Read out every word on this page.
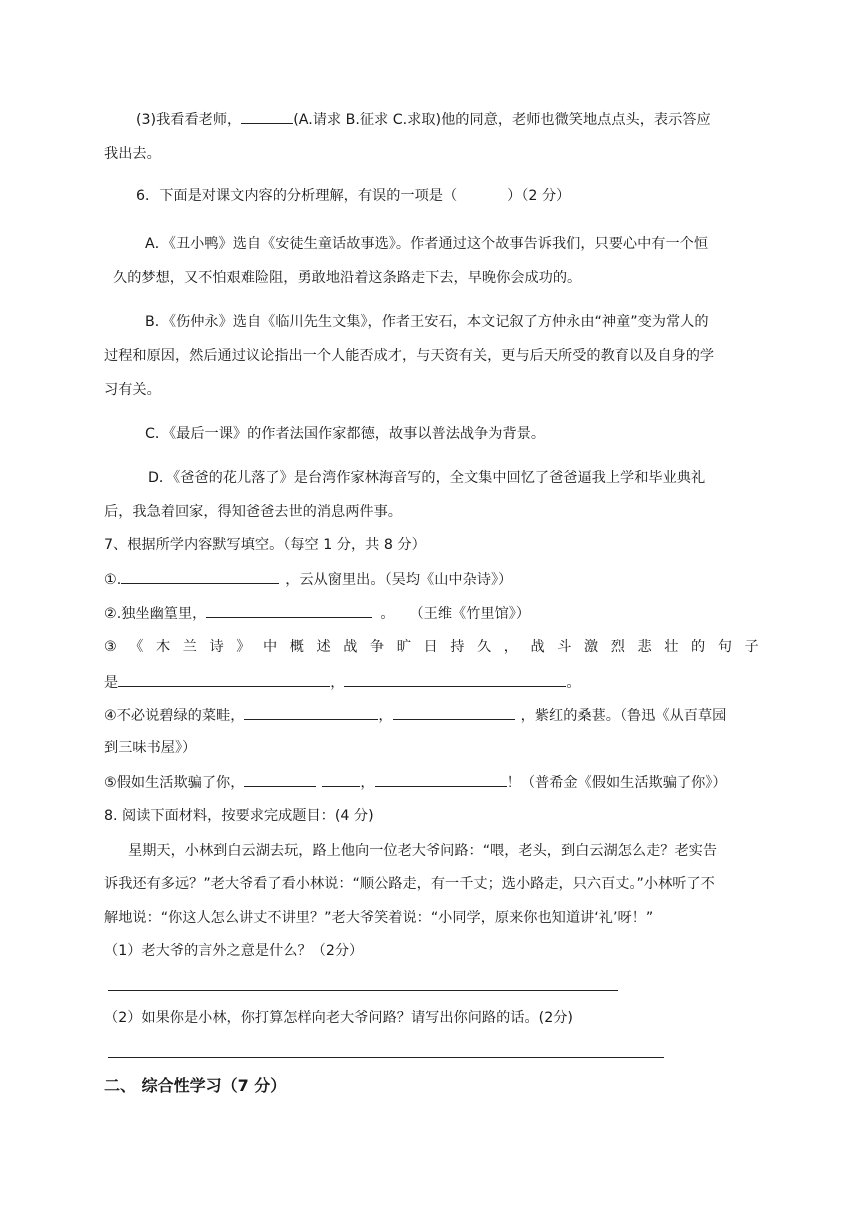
(3)我看看老师，	(A.请求 B.征求 C.求取)他的同意，老师也微笑地点点头，表示答应
我出去。
6．下面是对课文内容的分析理解，有误的一项是（	）（2 分）
A．《丑小鸭》选自《安徒生童话故事选》。作者通过这个故事告诉我们，只要心中有一个恒
久的梦想，又不怕艰难险阻，勇敢地沿着这条路走下去，早晚你会成功的。
B．《伤仲永》选自《临川先生文集》，作者王安石，本文记叙了方仲永由“神童”变为常人的
过程和原因，然后通过议论指出一个人能否成才，与天资有关，更与后天所受的教育以及自身的学
习有关。
C．《最后一课》的作者法国作家都德，故事以普法战争为背景。
D．《爸爸的花儿落了》是台湾作家林海音写的，全文集中回忆了爸爸逼我上学和毕业典礼
后，我急着回家，得知爸爸去世的消息两件事。
7、根据所学内容默写填空。（每空 1 分，共 8 分）
①.	，云从窗里出。（吴均《山中杂诗》）
②.独坐幽篁里，	。 （王维《竹里馆》）
③ 《 木 兰 诗 》 中 概 述 战 争 旷 日 持 久 ， 战 斗 激 烈 悲 壮 的 句 子
是	，	。
④不必说碧绿的菜畦，	，	，紫红的桑葚。（鲁迅《从百草园
到三味书屋》）
⑤假如生活欺骗了你，	，	！（普希金《假如生活欺骗了你》）
8. 阅读下面材料，按要求完成题目：(4 分)
星期天，小林到白云湖去玩，路上他向一位老大爷问路：“喂，老头，到白云湖怎么走？老实告
诉我还有多远？”老大爷看了看小林说：“顺公路走，有一千丈；选小路走，只六百丈。”小林听了不
解地说：“你这人怎么讲丈不讲里？”老大爷笑着说：“小同学，原来你也知道讲‘礼’呀！”
（1）老大爷的言外之意是什么？（2分）
（2）如果你是小林，你打算怎样向老大爷问路？请写出你问路的话。(2分)
二、 综合性学习（7 分）
